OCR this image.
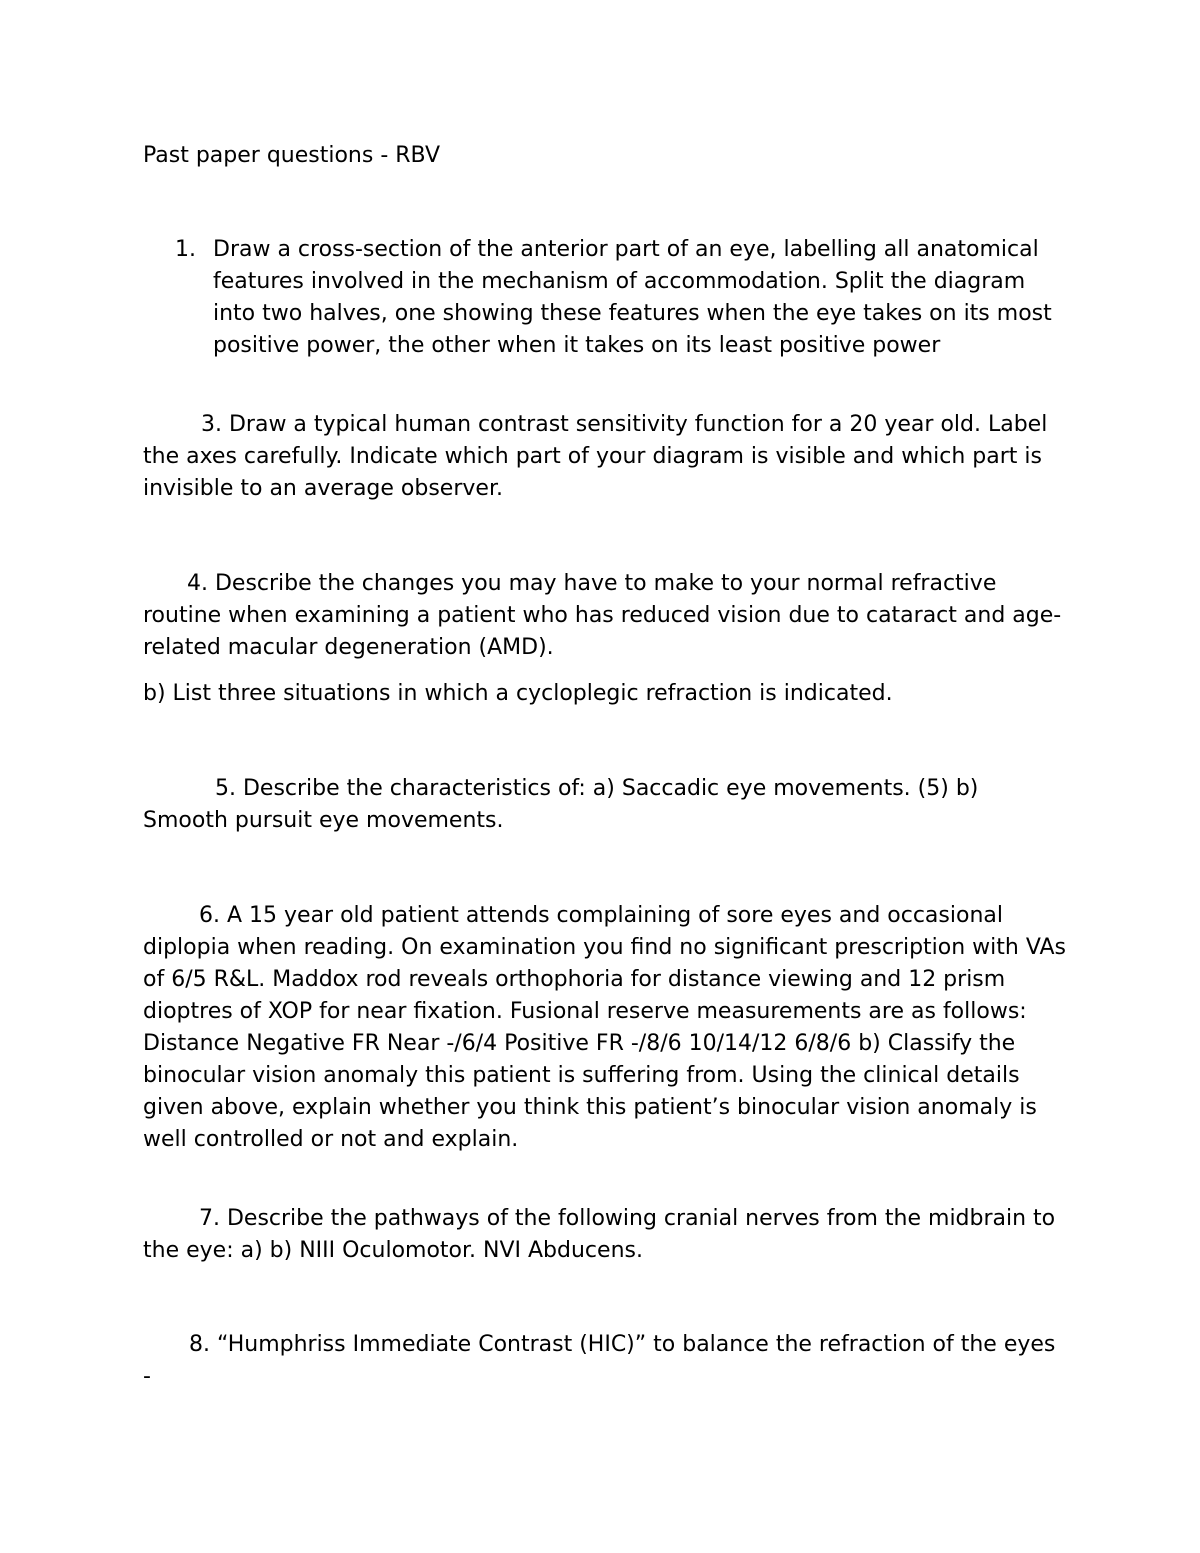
Past paper questions - RBV
1. Draw a cross-section of the anterior part of an eye, labelling all anatomical features involved in the mechanism of accommodation. Split the diagram into two halves, one showing these features when the eye takes on its most positive power, the other when it takes on its least positive power

3. Draw a typical human contrast sensitivity function for a 20 year old. Label the axes carefully. Indicate which part of your diagram is visible and which part is invisible to an average observer.

4. Describe the changes you may have to make to your normal refractive routine when examining a patient who has reduced vision due to cataract and age-related macular degeneration (AMD).

b) List three situations in which a cycloplegic refraction is indicated.

5. Describe the characteristics of: a) Saccadic eye movements. (5) b) Smooth pursuit eye movements.

6. A 15 year old patient attends complaining of sore eyes and occasional diplopia when reading. On examination you find no significant prescription with VAs of 6/5 R&L. Maddox rod reveals orthophoria for distance viewing and 12 prism dioptres of XOP for near fixation. Fusional reserve measurements are as follows: Distance Negative FR Near -/6/4 Positive FR -/8/6 10/14/12 6/8/6 b) Classify the binocular vision anomaly this patient is suffering from. Using the clinical details given above, explain whether you think this patient’s binocular vision anomaly is well controlled or not and explain.

7. Describe the pathways of the following cranial nerves from the midbrain to the eye: a) b) NIII Oculomotor. NVI Abducens.

8. “Humphriss Immediate Contrast (HIC)” to balance the refraction of the eyes -
